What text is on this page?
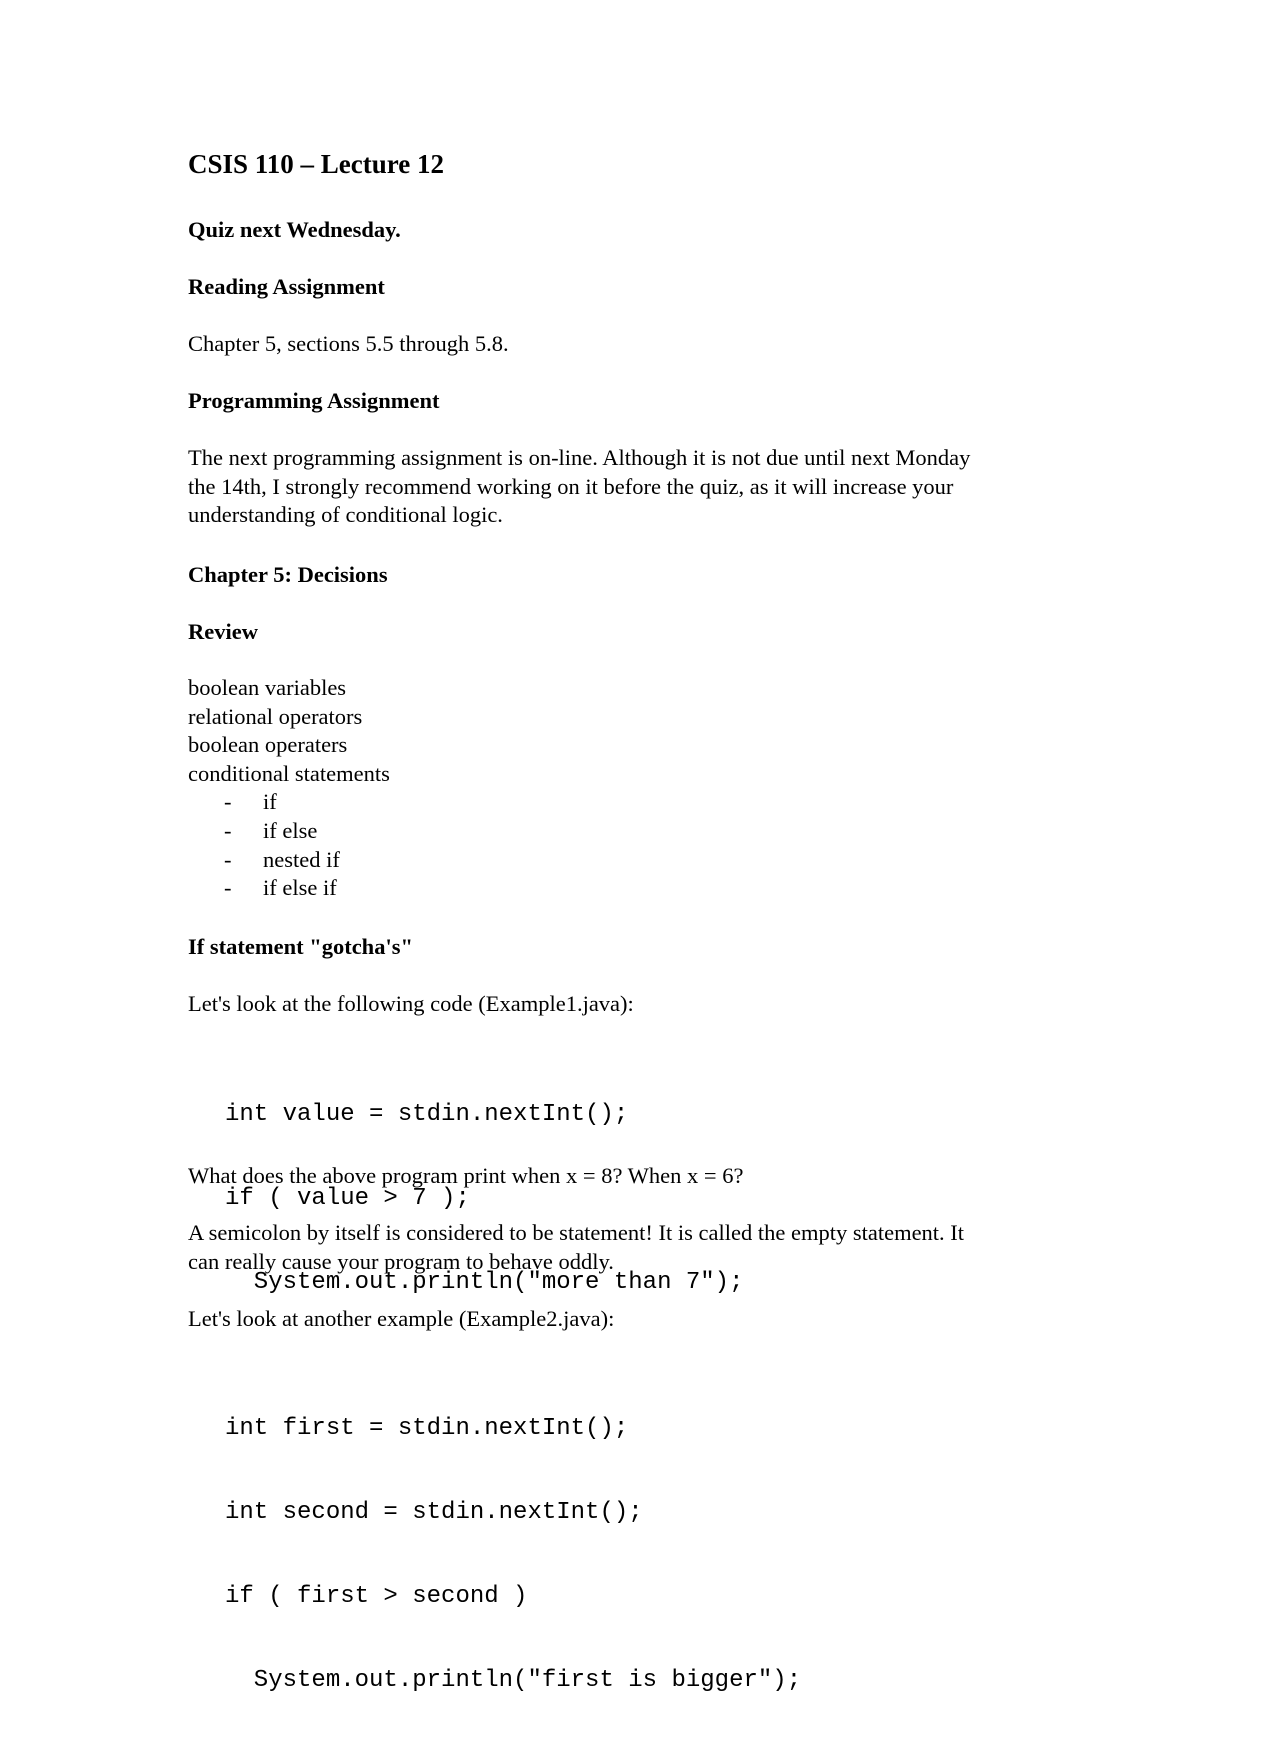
CSIS 110 – Lecture 12
Quiz next Wednesday.
Reading Assignment
Chapter 5, sections 5.5 through 5.8.
Programming Assignment
The next programming assignment is on-line. Although it is not due until next Monday
the 14th, I strongly recommend working on it before the quiz, as it will increase your
understanding of conditional logic.
Chapter 5: Decisions
Review
boolean variables
relational operators
boolean operaters
conditional statements
- if
- if else
- nested if
- if else if
If statement "gotcha's"
Let's look at the following code (Example1.java):

int value = stdin.nextInt();

if ( value > 7 );

System.out.println("more than 7");

What does the above program print when x = 8? When x = 6?
A semicolon by itself is considered to be statement! It is called the empty statement. It
can really cause your program to behave oddly.
Let's look at another example (Example2.java):

int first = stdin.nextInt();

int second = stdin.nextInt();

if ( first > second )

System.out.println("first is bigger");
